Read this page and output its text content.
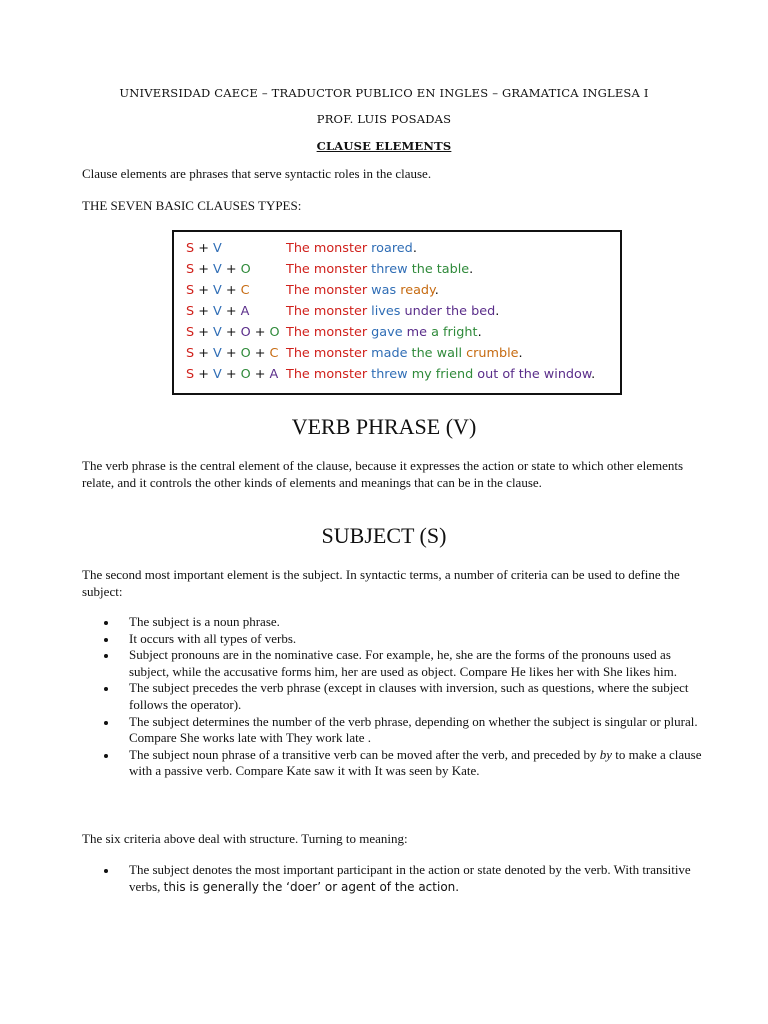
UNIVERSIDAD CAECE – TRADUCTOR PUBLICO EN INGLES – GRAMATICA INGLESA I
PROF. LUIS POSADAS
CLAUSE ELEMENTS
Clause elements are phrases that serve syntactic roles in the clause.
THE SEVEN BASIC CLAUSES TYPES:
S + V	The monster roared.
S + V + O	The monster threw the table.
S + V + C	The monster was ready.
S + V + A	The monster lives under the bed.
S + V + O + O The monster gave me a fright.
S + V + O + C The monster made the wall crumble.
S + V + O + A The monster threw my friend out of the window.
VERB PHRASE (V)
The verb phrase is the central element of the clause, because it expresses the action or state to which other elements relate, and it controls the other kinds of elements and meanings that can be in the clause.
SUBJECT (S)
The second most important element is the subject. In syntactic terms, a number of criteria can be used to define the subject:
The subject is a noun phrase.
It occurs with all types of verbs.
Subject pronouns are in the nominative case. For example, he, she are the forms of the pronouns used as subject, while the accusative forms him, her are used as object. Compare He likes her with She likes him.
The subject precedes the verb phrase (except in clauses with inversion, such as questions, where the subject follows the operator).
The subject determines the number of the verb phrase, depending on whether the subject is singular or plural. Compare She works late with They work late .
The subject noun phrase of a transitive verb can be moved after the verb, and preceded by by to make a clause with a passive verb. Compare Kate saw it with It was seen by Kate.
The six criteria above deal with structure. Turning to meaning:
The subject denotes the most important participant in the action or state denoted by the verb. With transitive verbs, this is generally the ‘doer’ or agent of the action.
